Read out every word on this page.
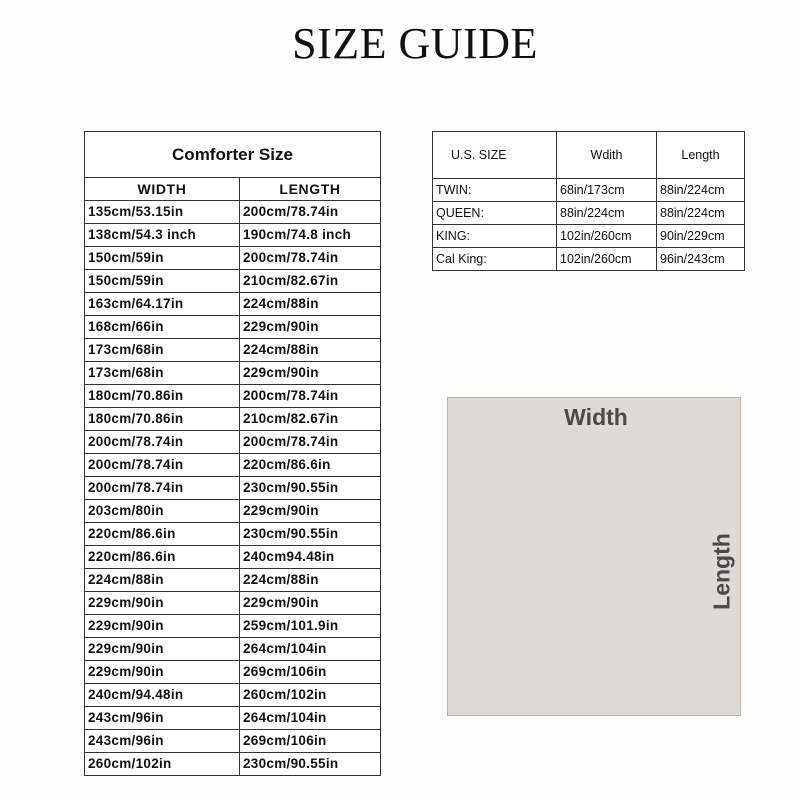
SIZE GUIDE
Comforter Size
WIDTH	LENGTH
135cm/53.15in	200cm/78.74in
138cm/54.3 inch	190cm/74.8 inch
150cm/59in	200cm/78.74in
150cm/59in	210cm/82.67in
163cm/64.17in	224cm/88in
168cm/66in	229cm/90in
173cm/68in	224cm/88in
173cm/68in	229cm/90in
180cm/70.86in	200cm/78.74in
180cm/70.86in	210cm/82.67in
200cm/78.74in	200cm/78.74in
200cm/78.74in	220cm/86.6in
200cm/78.74in	230cm/90.55in
203cm/80in	229cm/90in
220cm/86.6in	230cm/90.55in
220cm/86.6in	240cm94.48in
224cm/88in	224cm/88in
229cm/90in	229cm/90in
229cm/90in	259cm/101.9in
229cm/90in	264cm/104in
229cm/90in	269cm/106in
240cm/94.48in	260cm/102in
243cm/96in	264cm/104in
243cm/96in	269cm/106in
260cm/102in	230cm/90.55in
U.S. SIZE	Wdith	Length
TWIN:	68in/173cm	88in/224cm
QUEEN:	88in/224cm	88in/224cm
KING:	102in/260cm	90in/229cm
Cal King:	102in/260cm	96in/243cm
Width
Length
